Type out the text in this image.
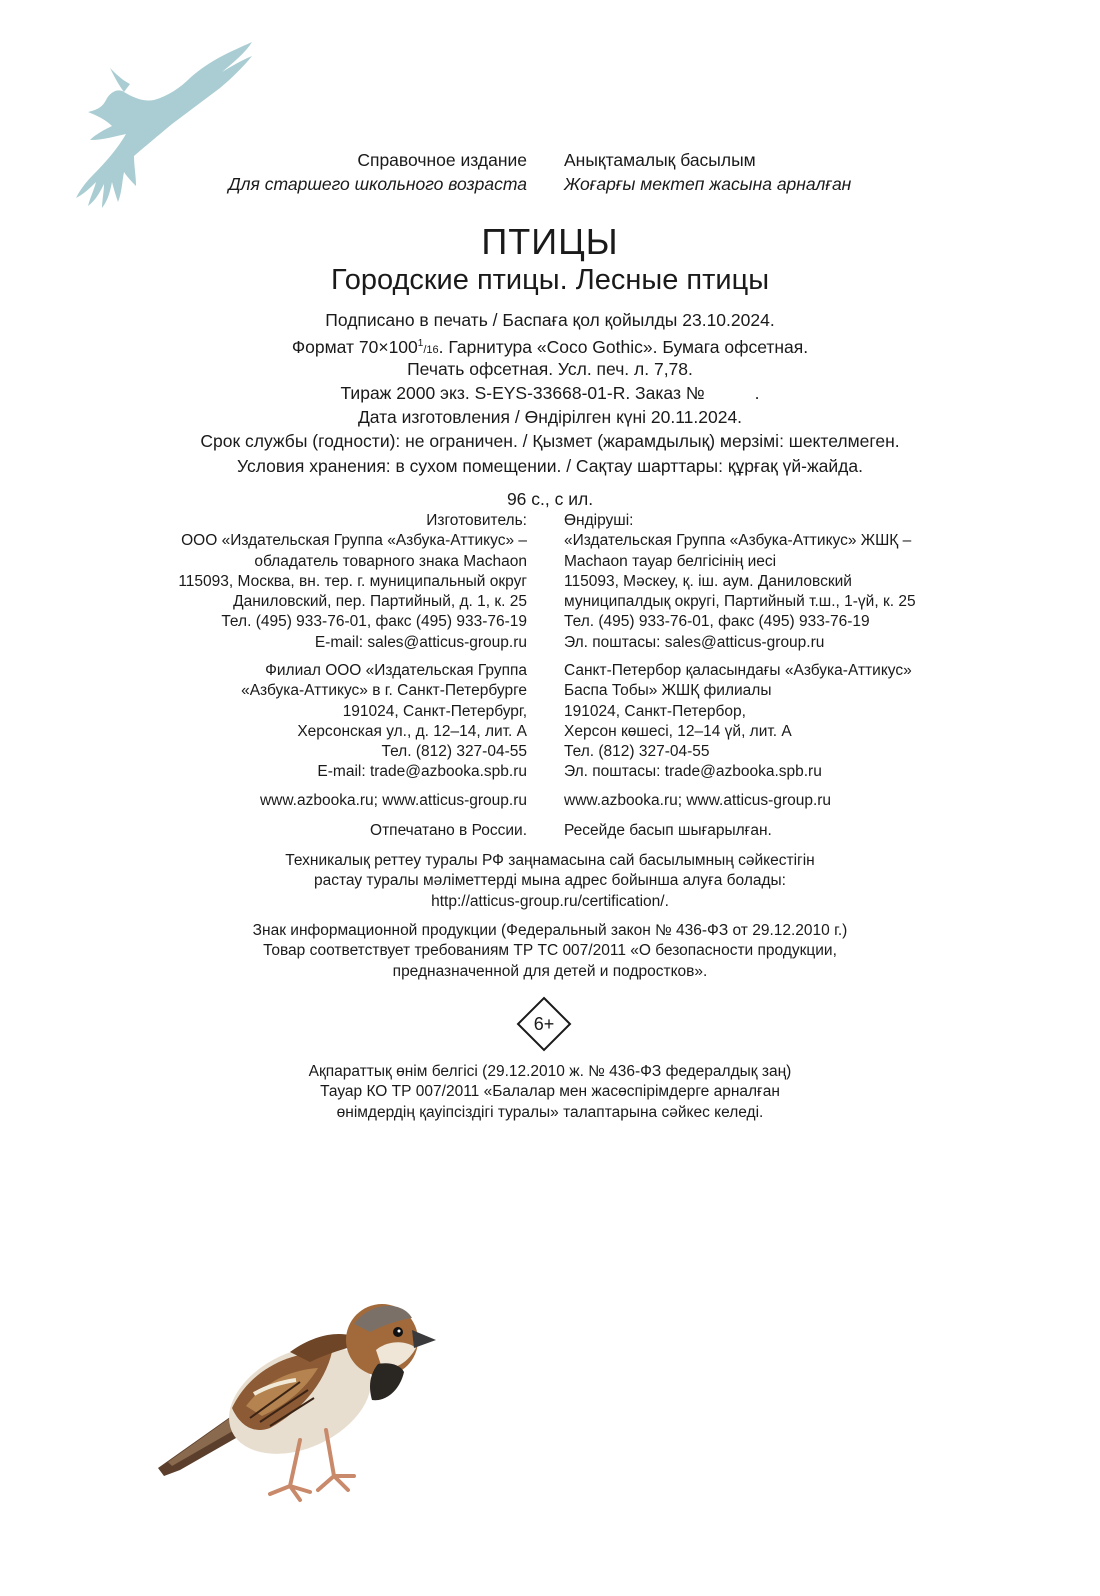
Справочное издание
Для старшего школьного возраста
Анықтамалық басылым
Жоғарғы мектеп жасына арналған
ПТИЦЫ
Городские птицы. Лесные птицы
Подписано в печать / Баспаға қол қойылды 23.10.2024.
Формат $70\times 100^1/16$. Гарнитура «Coco Gothic». Бумага офсетная.
Печать офсетная. Усл. печ. л. 7,78.
Тираж 2000 экз. S-EYS-33668-01-R. Заказ №	.
Дата изготовления / Өндірілген күні 20.11.2024.
Срок службы (годности): не ограничен. / Қызмет (жарамдылық) мерзімі: шектелмеген.
Условия хранения: в сухом помещении. / Сақтау шарттары: құрғақ үй-жайда.
96 с., с ил.
Изготовитель:
ООО «Издательская Группа «Азбука-Аттикус» –
обладатель товарного знака Machaon
115093, Москва, вн. тер. г. муниципальный округ
Даниловский, пер. Партийный, д. 1, к. 25
Тел. (495) 933-76-01, факс (495) 933-76-19
E-mail: sales@atticus-group.ru
Өндіруші:
«Издательская Группа «Азбука-Аттикус» ЖШҚ –
Machaon тауар белгісінің иесі
115093, Мәскеу, қ. іш. аум. Даниловский
муниципалдық округі, Партийный т.ш., 1-үй, к. 25
Тел. (495) 933-76-01, факс (495) 933-76-19
Эл. поштасы: sales@atticus-group.ru
Филиал ООО «Издательская Группа
«Азбука-Аттикус» в г. Санкт-Петербурге
191024, Санкт-Петербург,
Херсонская ул., д. 12–14, лит. А
Тел. (812) 327-04-55
E-mail: trade@azbooka.spb.ru
Санкт-Петербор қаласындағы «Азбука-Аттикус»
Баспа Тобы» ЖШҚ филиалы
191024, Санкт-Петербор,
Херсон көшесі, 12–14 үй, лит. А
Тел. (812) 327-04-55
Эл. поштасы: trade@azbooka.spb.ru
www.azbooka.ru; www.atticus-group.ru www.azbooka.ru; www.atticus-group.ru
Отпечатано в России. Ресейде басып шығарылған.
Техникалық реттеу туралы РФ заңнамасына сай басылымның сәйкестігін
растау туралы мәліметтерді мына адрес бойынша алуға болады:
http://atticus-group.ru/certification/.
Знак информационной продукции (Федеральный закон № 436-ФЗ от 29.12.2010 г.)
Товар соответствует требованиям ТР ТС 007/2011 «О безопасности продукции,
предназначенной для детей и подростков».
6+
Ақпараттық өнім белгісі (29.12.2010 ж. № 436-ФЗ федералдық заң)
Тауар КО ТР 007/2011 «Балалар мен жасөспірімдерге арналған
өнімдердің қауіпсіздігі туралы» талаптарына сәйкес келеді.
